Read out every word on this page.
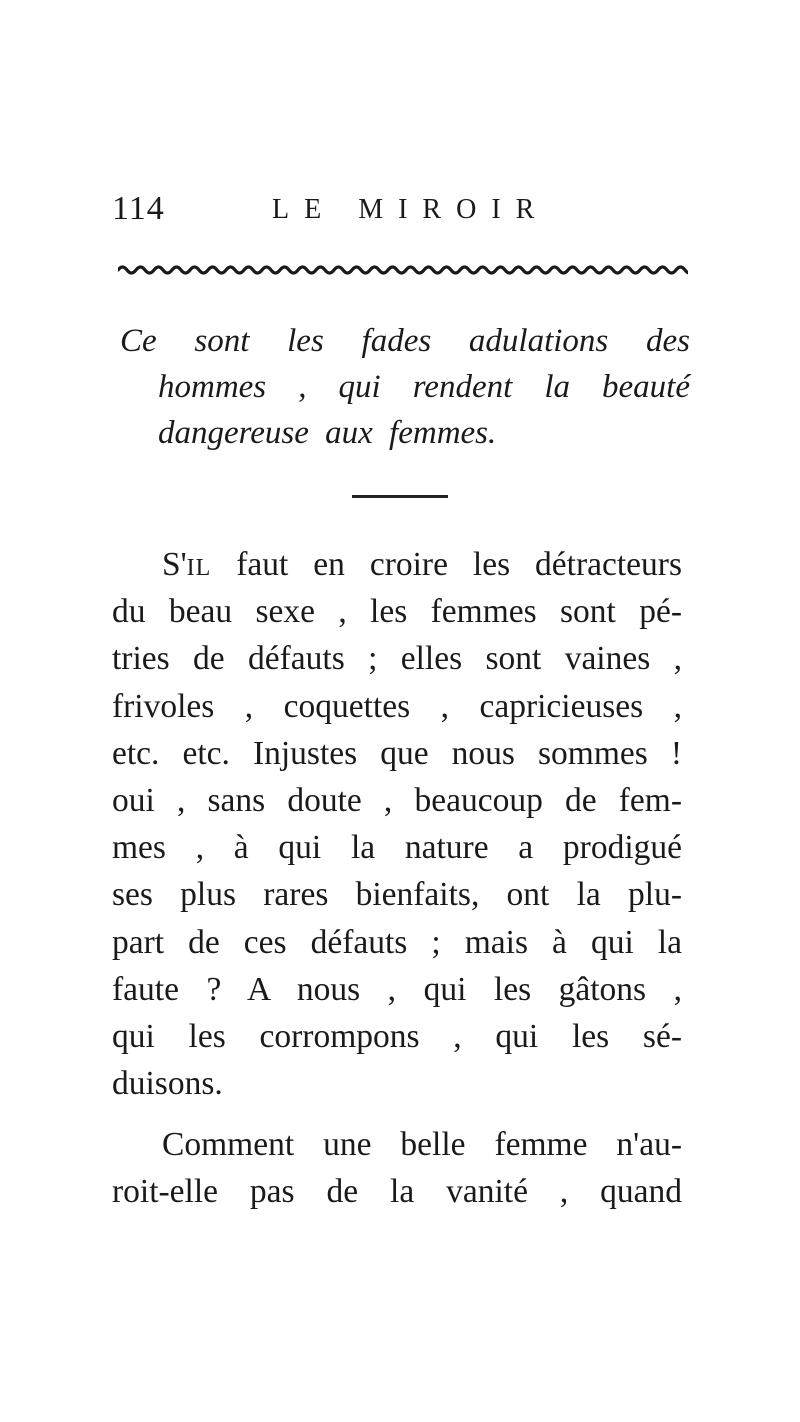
114	LE MIROIR

Ce sont les fades adulations des

hommes , qui rendent la beauté

dangereuse aux femmes.

S'IL faut en croire les détracteurs
du beau sexe , les femmes sont pé-
tries de défauts ; elles sont vaines ,
frivoles , coquettes , capricieuses ,
etc. etc. Injustes que nous sommes !
oui , sans doute , beaucoup de fem-
mes , à qui la nature a prodigué
ses plus rares bienfaits, ont la plu-
part de ces défauts ; mais à qui la
faute ? A nous , qui les gâtons ,
qui les corrompons , qui les sé-
duisons.
Comment une belle femme n'au-
roit-elle pas de la vanité , quand
